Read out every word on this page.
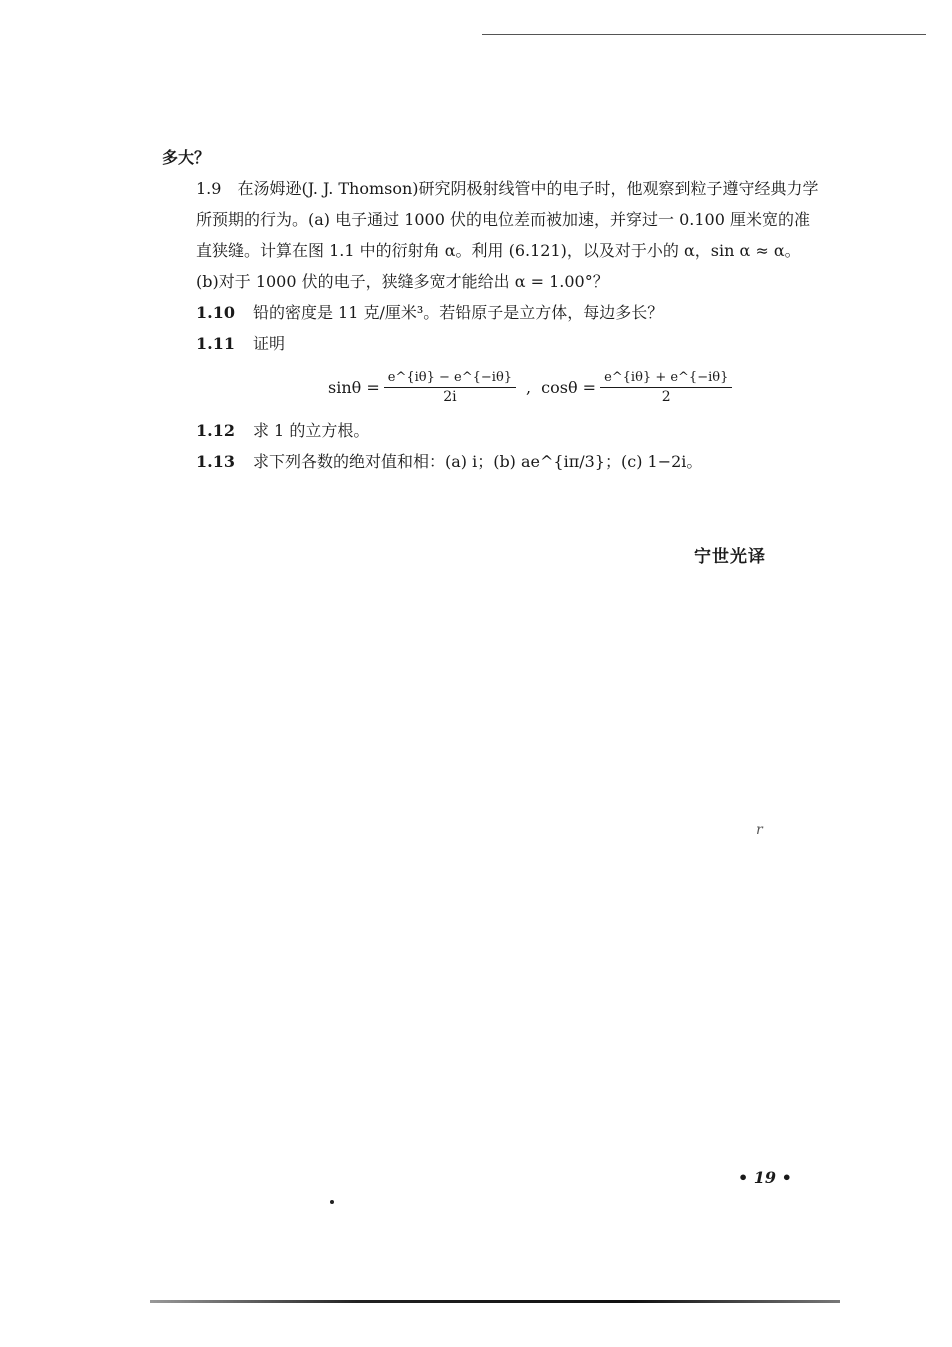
多大？

1.9　在汤姆逊(J. J. Thomson)研究阴极射线管中的电子时，他观察到粒子遵守经典力学所预期的行为。(a) 电子通过 1000 伏的电位差而被加速，并穿过一 0.100 厘米宽的准直狭缝。计算在图 1.1 中的衍射角 α。利用 (6.121)，以及对于小的 α，sin α ≈ α。(b)对于 1000 伏的电子，狭缝多宽才能给出 α = 1.00°？

1.10 铅的密度是 11 克/厘米³。若铅原子是立方体，每边多长？

1.11 证明

$\sin\theta = \frac{e\^{}\{i\theta\} - e\^{}\{-i\theta\}}{2i}$ , $\cos\theta = \frac{e\^{}\{i\theta\} + e\^{}\{-i\theta\}}{2}$

1.12 求 1 的立方根。

1.13 求下列各数的绝对值和相：(a) i；(b) ae^{iπ/3}；(c) 1−2i。

宁世光译
r
• 19 •
